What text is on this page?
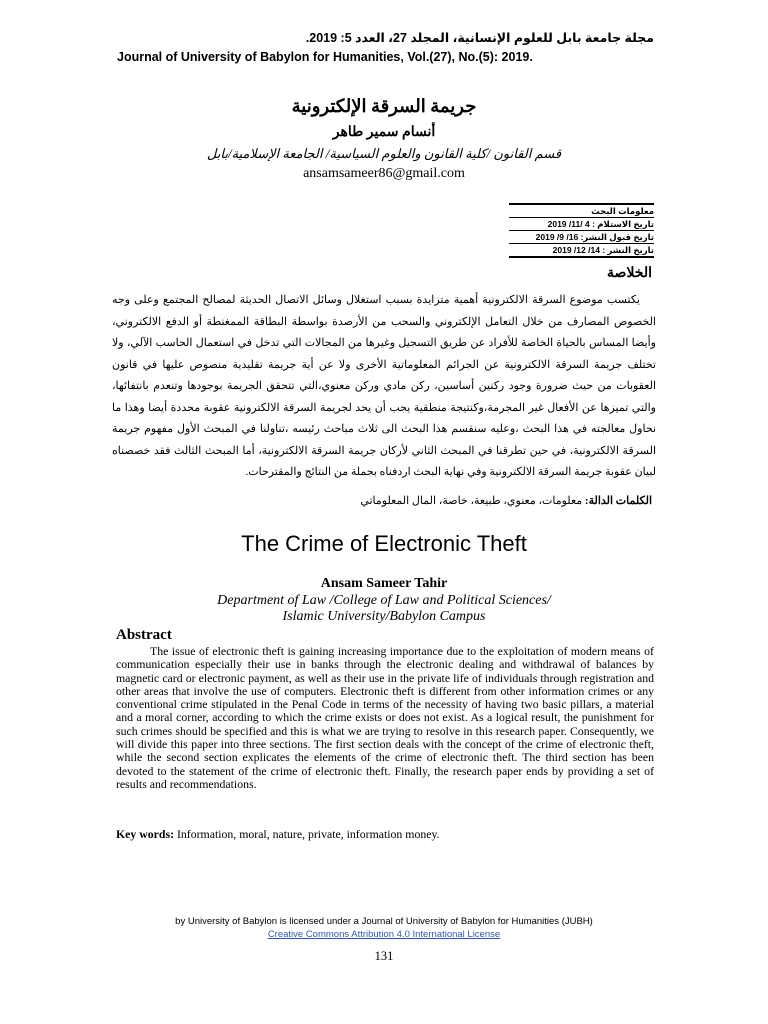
مجلة جامعة بابل للعلوم الإنسانية، المجلد 27، العدد 5: 2019.
Journal of University of Babylon for Humanities, Vol.(27), No.(5): 2019.
جريمة السرقة الإلكترونية
أنسام سمير طاهر
قسم القانون /كلية القانون والعلوم السياسية/ الجامعة الإسلامية/بابل
ansamsameer86@gmail.com
معلومات البحث
تاريخ الاستلام : 4 /11/ 2019
تاريخ قبول النشر: 16/ 9/ 2019
تاريخ النشر : 14/ 12/ 2019
الخلاصة

يكتسب موضوع السرقة الالكترونية أهمية متزايدة بسبب استغلال وسائل الاتصال الحديثة لمصالح المجتمع وعلى وجه الخصوص المصارف من خلال التعامل الإلكتروني والسحب من الأرصدة بواسطة البطاقة الممغنطة أو الدفع الالكتروني، وأيضا المساس بالحياة الخاصة للأفراد عن طريق التسجيل وغيرها من المجالات التي تدخل في استعمال الحاسب الآلي، ولا تختلف جريمة السرقة الالكترونية عن الجرائم المعلوماتية الأخرى ولا عن أية جريمة تقليدية منصوص عليها في قانون العقوبات من حيث ضرورة وجود ركنين أساسين، ركن مادي وركن معنوي،التي تتحقق الجريمة بوجودها وتنعدم بانتفائها، والتي تميزها عن الأفعال غير المجرمة،وكنتيجة منطقية يجب أن يحد لجريمة السرقة الالكترونية عقوبة محددة أيضا وهذا ما نحاول معالجته في هذا البحث ،وعليه سنقسم هذا البحث الى ثلاث مباحث رئيسه ،تناولنا في المبحث الأول مفهوم جريمة السرقة الالكترونية، في حين تطرقنا في المبحث الثاني لأركان جريمة السرقة الالكترونية، أما المبحث الثالث فقد خصصناه لبيان عقوبة جريمة السرقة الالكترونية وفي نهاية البحث اردفناه بجملة من النتائج والمقترحات.

الكلمات الدالة: معلومات، معنوي، طبيعة، خاصة، المال المعلوماتي
The Crime of Electronic Theft
Ansam Sameer Tahir
Department of Law /College of Law and Political Sciences/
Islamic University/Babylon Campus
Abstract

The issue of electronic theft is gaining increasing importance due to the exploitation of modern means of communication especially their use in banks through the electronic dealing and withdrawal of balances by magnetic card or electronic payment, as well as their use in the private life of individuals through registration and other areas that involve the use of computers. Electronic theft is different from other information crimes or any conventional crime stipulated in the Penal Code in terms of the necessity of having two basic pillars, a material and a moral corner, according to which the crime exists or does not exist. As a logical result, the punishment for such crimes should be specified and this is what we are trying to resolve in this research paper. Consequently, we will divide this paper into three sections. The first section deals with the concept of the crime of electronic theft, while the second section explicates the elements of the crime of electronic theft. The third section has been devoted to the statement of the crime of electronic theft. Finally, the research paper ends by providing a set of results and recommendations.

Key words: Information, moral, nature, private, information money.
by University of Babylon is licensed under a Journal of University of Babylon for Humanities (JUBH)
Creative Commons Attribution 4.0 International License
131
